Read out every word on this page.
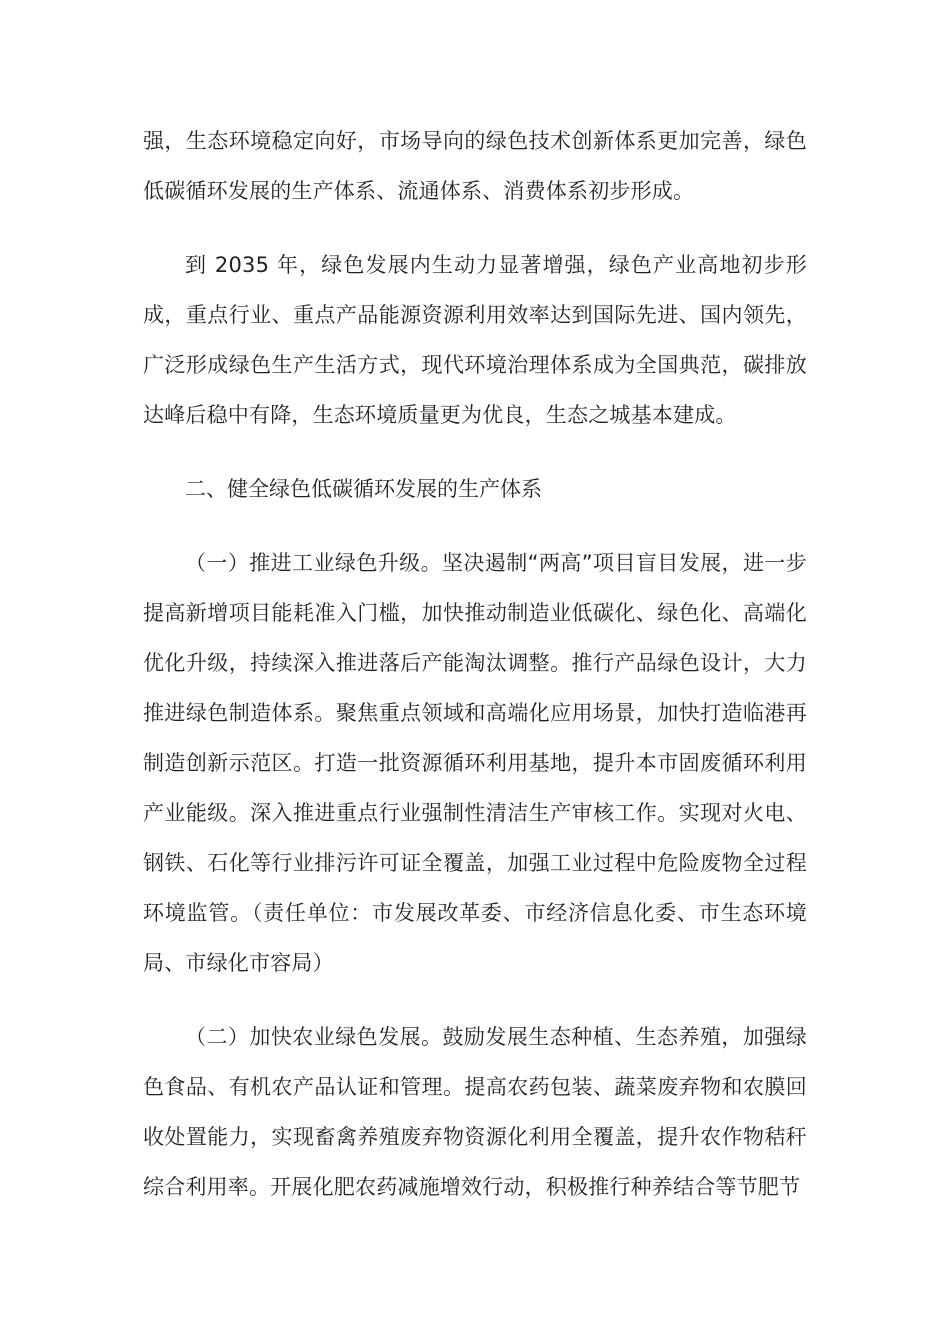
强，生态环境稳定向好，市场导向的绿色技术创新体系更加完善，绿色低碳循环发展的生产体系、流通体系、消费体系初步形成。

到 2035 年，绿色发展内生动力显著增强，绿色产业高地初步形成，重点行业、重点产品能源资源利用效率达到国际先进、国内领先，广泛形成绿色生产生活方式，现代环境治理体系成为全国典范，碳排放达峰后稳中有降，生态环境质量更为优良，生态之城基本建成。

二、健全绿色低碳循环发展的生产体系

（一）推进工业绿色升级。坚决遏制“两高”项目盲目发展，进一步提高新增项目能耗准入门槛，加快推动制造业低碳化、绿色化、高端化优化升级，持续深入推进落后产能淘汰调整。推行产品绿色设计，大力推进绿色制造体系。聚焦重点领域和高端化应用场景，加快打造临港再制造创新示范区。打造一批资源循环利用基地，提升本市固废循环利用产业能级。深入推进重点行业强制性清洁生产审核工作。实现对火电、钢铁、石化等行业排污许可证全覆盖，加强工业过程中危险废物全过程环境监管。（责任单位：市发展改革委、市经济信息化委、市生态环境局、市绿化市容局）

（二）加快农业绿色发展。鼓励发展生态种植、生态养殖，加强绿色食品、有机农产品认证和管理。提高农药包装、蔬菜废弃物和农膜回收处置能力，实现畜禽养殖废弃物资源化利用全覆盖，提升农作物秸秆综合利用率。开展化肥农药减施增效行动，积极推行种养结合等节肥节
